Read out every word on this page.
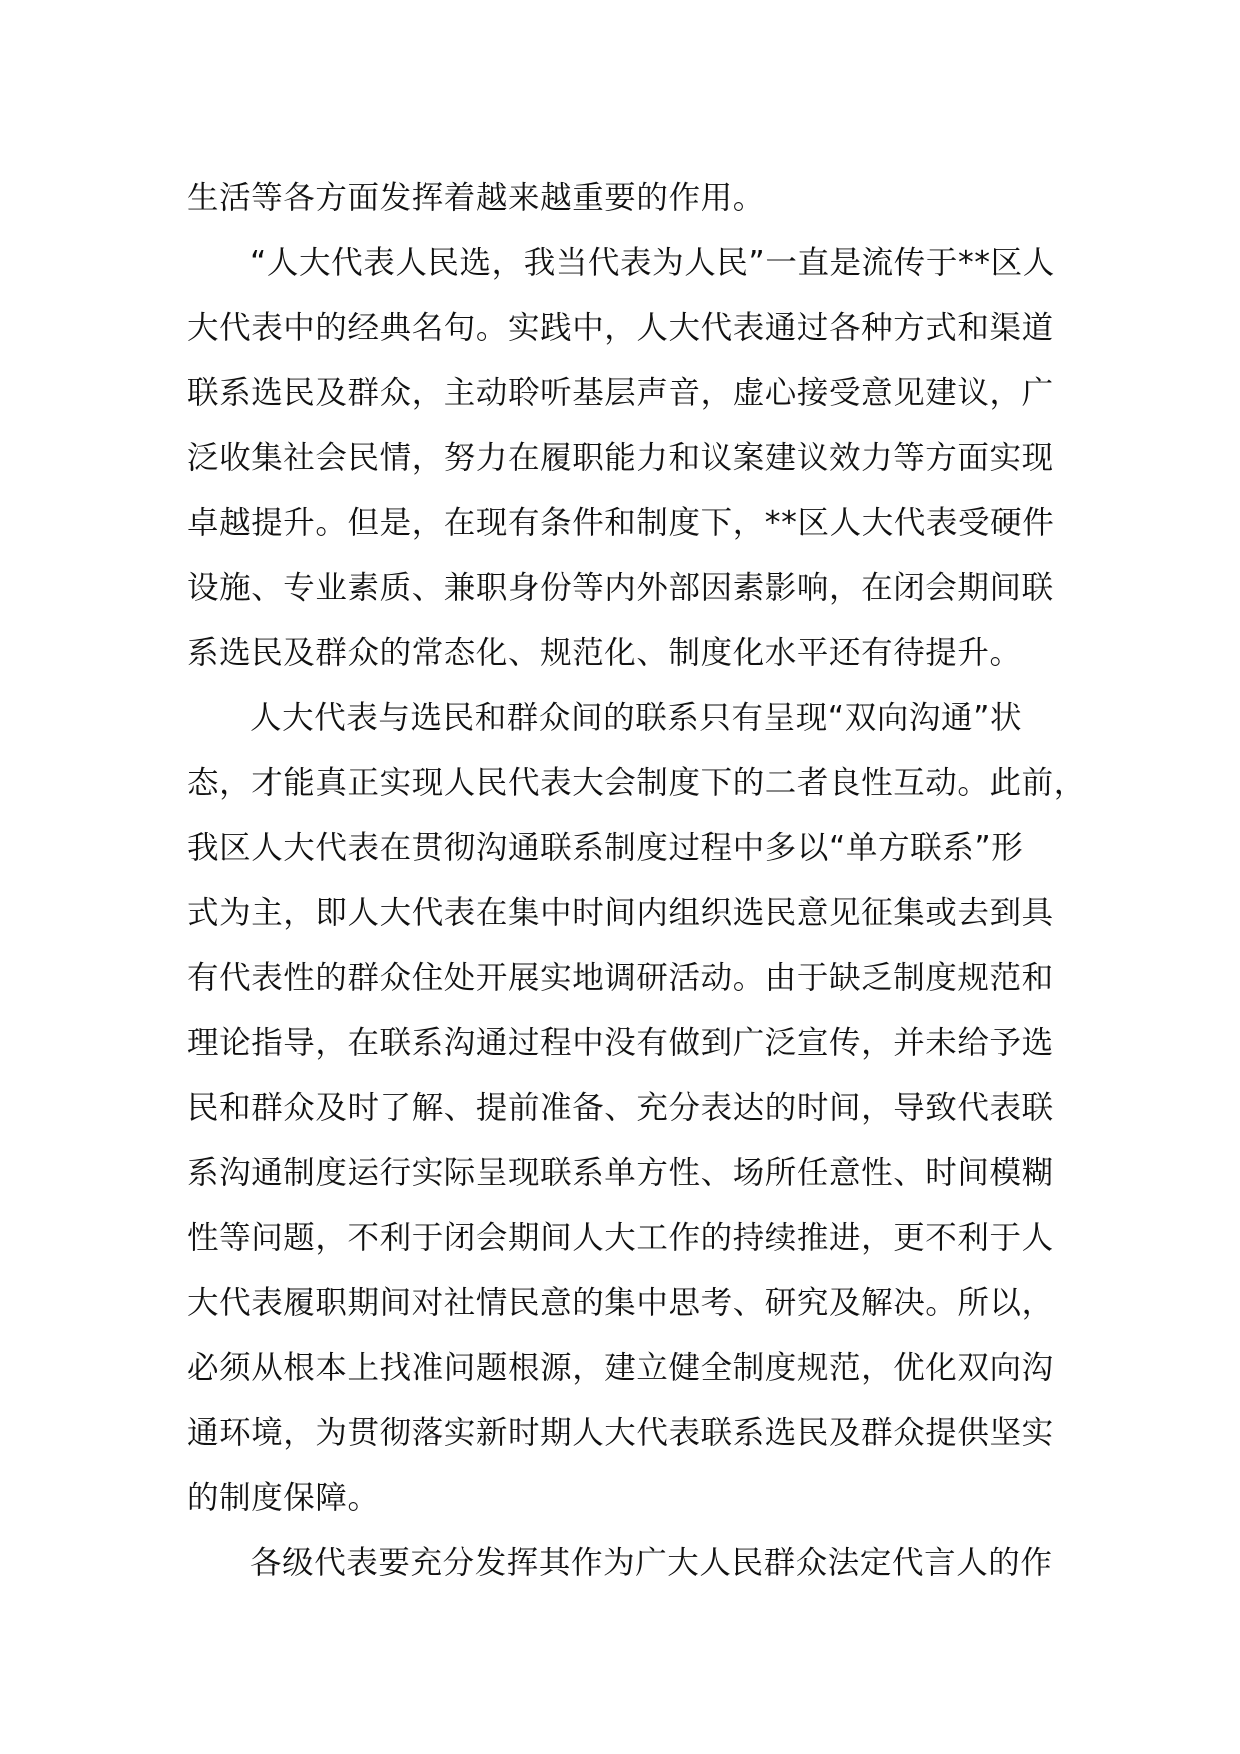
生活等各方面发挥着越来越重要的作用。
“人大代表人民选，我当代表为人民”一直是流传于**区人
大代表中的经典名句。实践中，人大代表通过各种方式和渠道
联系选民及群众，主动聆听基层声音，虚心接受意见建议，广
泛收集社会民情，努力在履职能力和议案建议效力等方面实现
卓越提升。但是，在现有条件和制度下，**区人大代表受硬件
设施、专业素质、兼职身份等内外部因素影响，在闭会期间联
系选民及群众的常态化、规范化、制度化水平还有待提升。
人大代表与选民和群众间的联系只有呈现“双向沟通”状
态，才能真正实现人民代表大会制度下的二者良性互动。此前，
我区人大代表在贯彻沟通联系制度过程中多以“单方联系”形
式为主，即人大代表在集中时间内组织选民意见征集或去到具
有代表性的群众住处开展实地调研活动。由于缺乏制度规范和
理论指导，在联系沟通过程中没有做到广泛宣传，并未给予选
民和群众及时了解、提前准备、充分表达的时间，导致代表联
系沟通制度运行实际呈现联系单方性、场所任意性、时间模糊
性等问题，不利于闭会期间人大工作的持续推进，更不利于人
大代表履职期间对社情民意的集中思考、研究及解决。所以，
必须从根本上找准问题根源，建立健全制度规范，优化双向沟
通环境，为贯彻落实新时期人大代表联系选民及群众提供坚实
的制度保障。
各级代表要充分发挥其作为广大人民群众法定代言人的作
